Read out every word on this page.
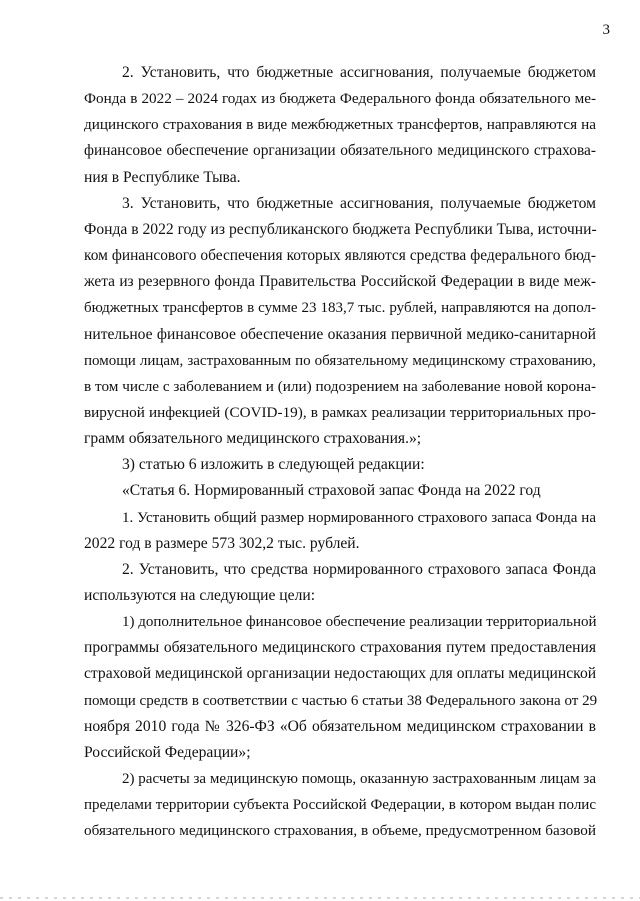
3
2. Установить, что бюджетные ассигнования, получаемые бюджетом
Фонда в 2022 – 2024 годах из бюджета Федерального фонда обязательного ме-
дицинского страхования в виде межбюджетных трансфертов, направляются на
финансовое обеспечение организации обязательного медицинского страхова-
ния в Республике Тыва.
3. Установить, что бюджетные ассигнования, получаемые бюджетом
Фонда в 2022 году из республиканского бюджета Республики Тыва, источни-
ком финансового обеспечения которых являются средства федерального бюд-
жета из резервного фонда Правительства Российской Федерации в виде меж-
бюджетных трансфертов в сумме 23 183,7 тыс. рублей, направляются на допол-
нительное финансовое обеспечение оказания первичной медико-санитарной
помощи лицам, застрахованным по обязательному медицинскому страхованию,
в том числе с заболеванием и (или) подозрением на заболевание новой корона-
вирусной инфекцией (COVID-19), в рамках реализации территориальных про-
грамм обязательного медицинского страхования.»;
3) статью 6 изложить в следующей редакции:
«Статья 6. Нормированный страховой запас Фонда на 2022 год
1. Установить общий размер нормированного страхового запаса Фонда на
2022 год в размере 573 302,2 тыс. рублей.
2. Установить, что средства нормированного страхового запаса Фонда
используются на следующие цели:
1) дополнительное финансовое обеспечение реализации территориальной
программы обязательного медицинского страхования путем предоставления
страховой медицинской организации недостающих для оплаты медицинской
помощи средств в соответствии с частью 6 статьи 38 Федерального закона от 29
ноября 2010 года № 326-ФЗ «Об обязательном медицинском страховании в
Российской Федерации»;
2) расчеты за медицинскую помощь, оказанную застрахованным лицам за
пределами территории субъекта Российской Федерации, в котором выдан полис
обязательного медицинского страхования, в объеме, предусмотренном базовой
